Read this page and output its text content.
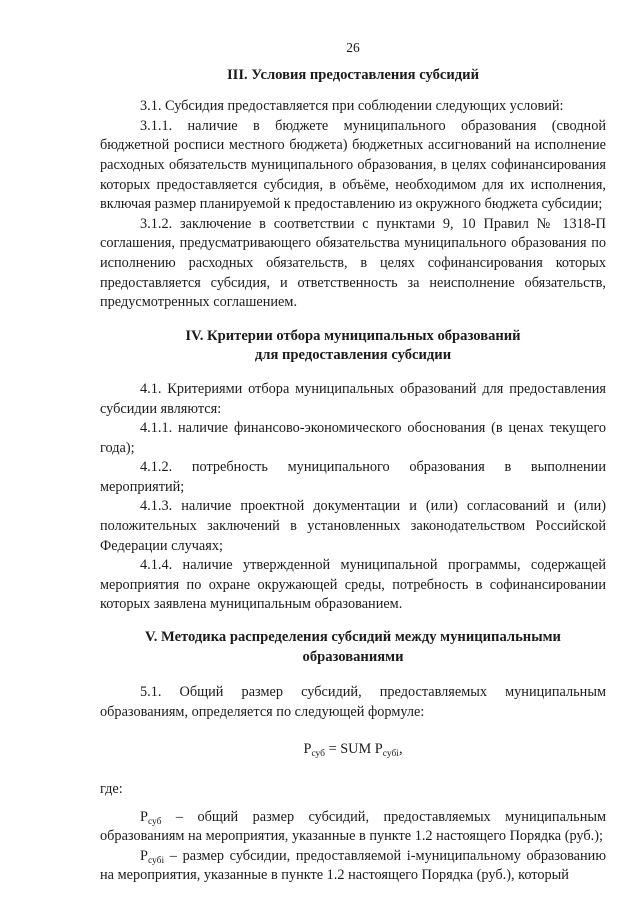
26
III. Условия предоставления субсидий

3.1. Субсидия предоставляется при соблюдении следующих условий:

3.1.1. наличие в бюджете муниципального образования (сводной бюджетной росписи местного бюджета) бюджетных ассигнований на исполнение расходных обязательств муниципального образования, в целях софинансирования которых предоставляется субсидия, в объёме, необходимом для их исполнения, включая размер планируемой к предоставлению из окружного бюджета субсидии;

3.1.2. заключение в соответствии с пунктами 9, 10 Правил № 1318-П соглашения, предусматривающего обязательства муниципального образования по исполнению расходных обязательств, в целях софинансирования которых предоставляется субсидия, и ответственность за неисполнение обязательств, предусмотренных соглашением.

IV. Критерии отбора муниципальных образований
для предоставления субсидии

4.1. Критериями отбора муниципальных образований для предоставления субсидии являются:

4.1.1. наличие финансово-экономического обоснования (в ценах текущего года);

4.1.2. потребность муниципального образования в выполнении мероприятий;

4.1.3. наличие проектной документации и (или) согласований и (или) положительных заключений в установленных законодательством Российской Федерации случаях;

4.1.4. наличие утвержденной муниципальной программы, содержащей мероприятия по охране окружающей среды, потребность в софинансировании которых заявлена муниципальным образованием.

V. Методика распределения субсидий между муниципальными
образованиями

5.1. Общий размер субсидий, предоставляемых муниципальным образованиям, определяется по следующей формуле:

$P_{суб}$ = SUM $P_{субi}$,

где:

$P_{суб}$ – общий размер субсидий, предоставляемых муниципальным образованиям на мероприятия, указанные в пункте 1.2 настоящего Порядка (руб.);

$P_{субi}$ – размер субсидии, предоставляемой i-муниципальному образованию на мероприятия, указанные в пункте 1.2 настоящего Порядка (руб.), который
